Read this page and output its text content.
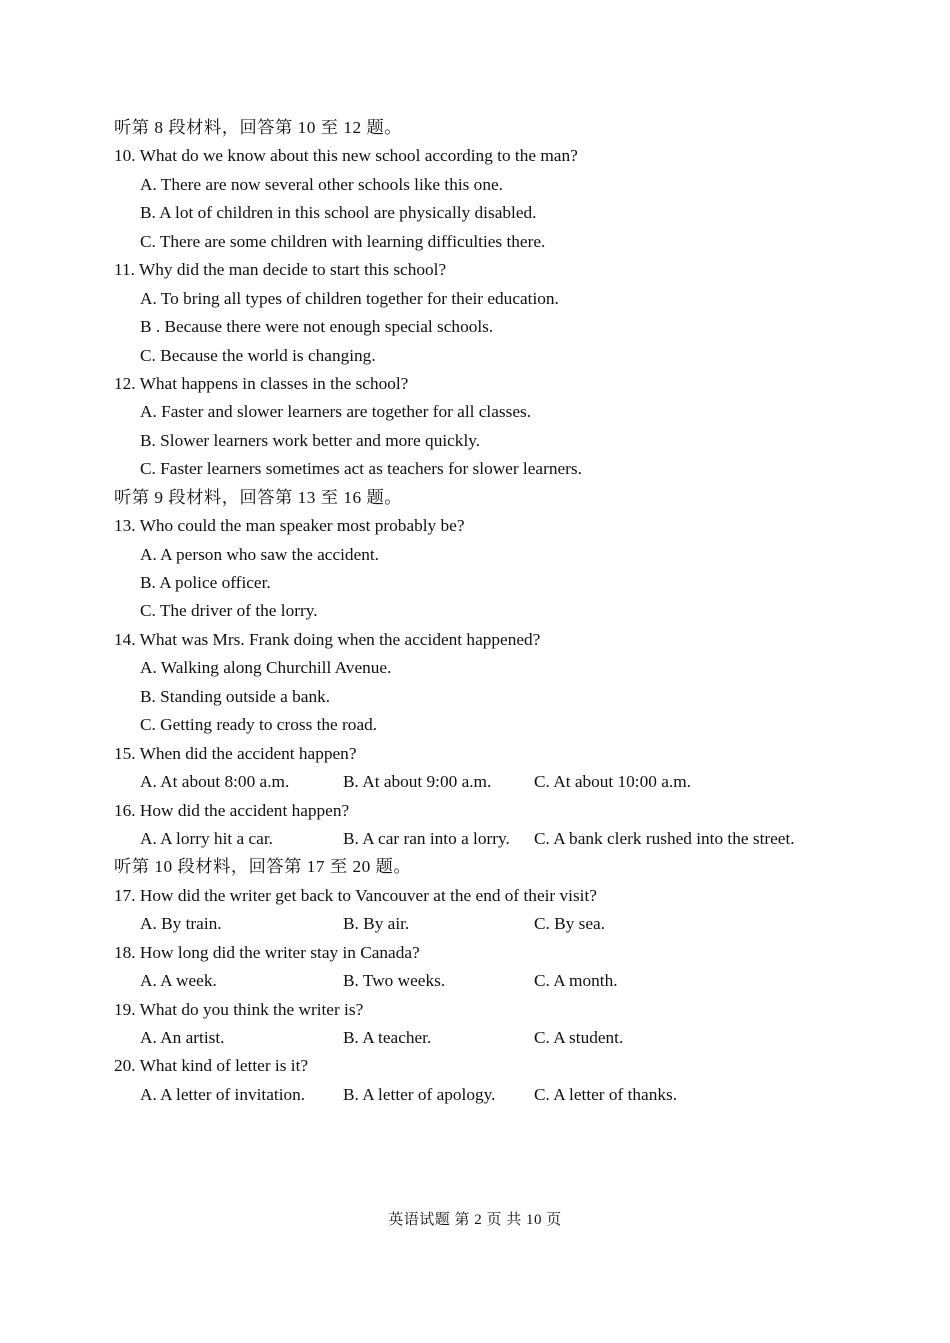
听第 8 段材料，回答第 10 至 12 题。
10. What do we know about this new school according to the man?
A. There are now several other schools like this one.
B. A lot of children in this school are physically disabled.
C. There are some children with learning difficulties there.
11. Why did the man decide to start this school?
A. To bring all types of children together for their education.
B . Because there were not enough special schools.
C. Because the world is changing.
12. What happens in classes in the school?
A. Faster and slower learners are together for all classes.
B. Slower learners work better and more quickly.
C. Faster learners sometimes act as teachers for slower learners.
听第 9 段材料，回答第 13 至 16 题。
13. Who could the man speaker most probably be?
A. A person who saw the accident.
B. A police officer.
C. The driver of the lorry.
14. What was Mrs. Frank doing when the accident happened?
A. Walking along Churchill Avenue.
B. Standing outside a bank.
C. Getting ready to cross the road.
15. When did the accident happen?
A. At about 8:00 a.m.	B. At about 9:00 a.m. C. At about 10:00 a.m.
16. How did the accident happen?
A. A lorry hit a car.	B. A car ran into a lorry. C. A bank clerk rushed into the street.
听第 10 段材料，回答第 17 至 20 题。
17. How did the writer get back to Vancouver at the end of their visit?
A. By train.	B. By air.	C. By sea.
18. How long did the writer stay in Canada?
A. A week.	B. Two weeks.	C. A month.
19. What do you think the writer is?
A. An artist.	B. A teacher.	C. A student.
20. What kind of letter is it?
A. A letter of invitation. B. A letter of apology. C. A letter of thanks.
英语试题 第 2 页 共 10 页
